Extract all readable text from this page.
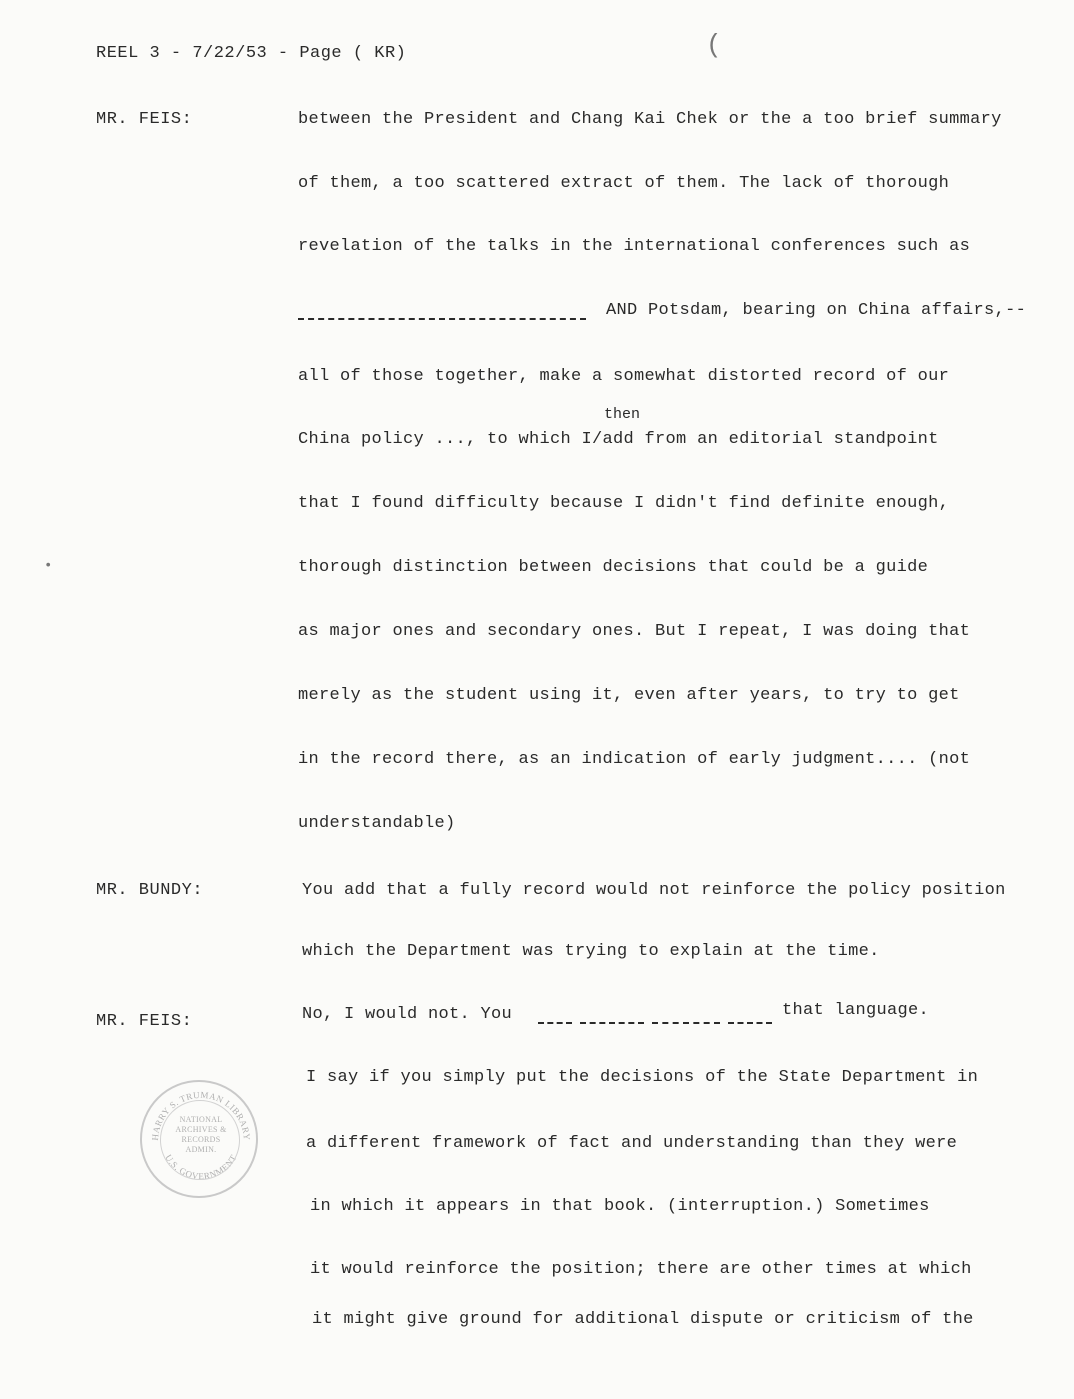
REEL 3 - 7/22/53 - Page ( KR)	(
MR. FEIS:
MR. BUNDY:
MR. FEIS:
between the President and Chang Kai Chek or the a too brief summary
of them, a too scattered extract of them. The lack of thorough
revelation of the talks in the international conferences such as
AND Potsdam, bearing on China affairs,--
all of those together, make a somewhat distorted record of our
then
China policy ..., to which I/add from an editorial standpoint
that I found difficulty because I didn't find definite enough,
•	thorough distinction between decisions that could be a guide
as major ones and secondary ones. But I repeat, I was doing that
merely as the student using it, even after years, to try to get
in the record there, as an indication of early judgment.... (not
understandable)
You add that a fully record would not reinforce the policy position
which the Department was trying to explain at the time.
No, I would not. You	that language.
I say if you simply put the decisions of the State Department in
a different framework of fact and understanding than they were
in which it appears in that book. (interruption.) Sometimes
it would reinforce the position; there are other times at which
it might give ground for additional dispute or criticism of the
HARRY S. TRUMAN LIBRARY
U.S. GOVERNMENT
NATIONAL
ARCHIVES &
RECORDS
ADMIN.
